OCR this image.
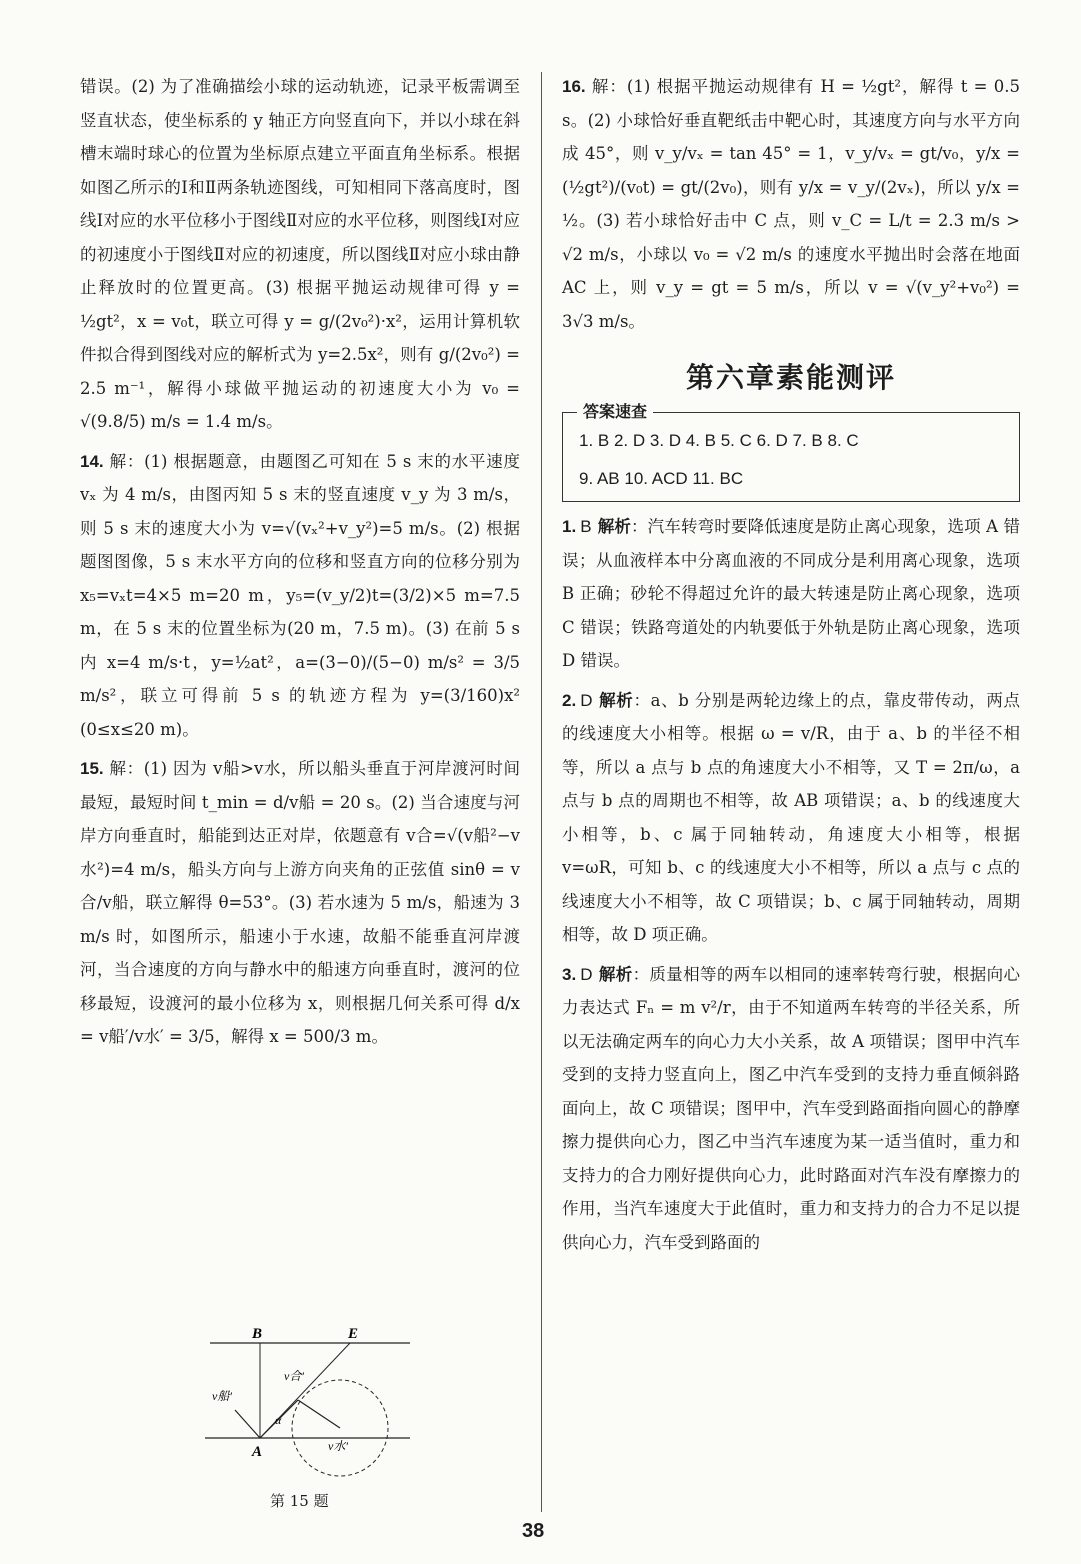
错误。(2) 为了准确描绘小球的运动轨迹，记录平板需调至竖直状态，使坐标系的 y 轴正方向竖直向下，并以小球在斜槽末端时球心的位置为坐标原点建立平面直角坐标系。根据如图乙所示的Ⅰ和Ⅱ两条轨迹图线，可知相同下落高度时，图线Ⅰ对应的水平位移小于图线Ⅱ对应的水平位移，则图线Ⅰ对应的初速度小于图线Ⅱ对应的初速度，所以图线Ⅱ对应小球由静止释放时的位置更高。(3) 根据平抛运动规律可得 y = ½gt²，x = v₀t，联立可得 y = g/(2v₀²)·x²，运用计算机软件拟合得到图线对应的解析式为 y=2.5x²，则有 g/(2v₀²) = 2.5 m⁻¹，解得小球做平抛运动的初速度大小为 v₀ = √(9.8/5) m/s = 1.4 m/s。

14. 解：(1) 根据题意，由题图乙可知在 5 s 末的水平速度 vₓ 为 4 m/s，由图丙知 5 s 末的竖直速度 v_y 为 3 m/s，则 5 s 末的速度大小为 v=√(vₓ²+v_y²)=5 m/s。(2) 根据题图图像，5 s 末水平方向的位移和竖直方向的位移分别为 x₅=vₓt=4×5 m=20 m，y₅=(v_y/2)t=(3/2)×5 m=7.5 m，在 5 s 末的位置坐标为(20 m，7.5 m)。(3) 在前 5 s 内 x=4 m/s·t，y=½at²，a=(3−0)/(5−0) m/s² = 3/5 m/s²，联立可得前 5 s 的轨迹方程为 y=(3/160)x² (0≤x≤20 m)。

15. 解：(1) 因为 v船>v水，所以船头垂直于河岸渡河时间最短，最短时间 t_min = d/v船 = 20 s。(2) 当合速度与河岸方向垂直时，船能到达正对岸，依题意有 v合=√(v船²−v水²)=4 m/s，船头方向与上游方向夹角的正弦值 sinθ = v合/v船，联立解得 θ=53°。(3) 若水速为 5 m/s，船速为 3 m/s 时，如图所示，船速小于水速，故船不能垂直河岸渡河，当合速度的方向与静水中的船速方向垂直时，渡河的位移最短，设渡河的最小位移为 x，则根据几何关系可得 d/x = v船′/v水′ = 3/5，解得 x = 500/3 m。

B	E
A
α
v船′
v合′
v水′
第 15 题

16. 解：(1) 根据平抛运动规律有 H = ½gt²，解得 t = 0.5 s。(2) 小球恰好垂直靶纸击中靶心时，其速度方向与水平方向成 45°，则 v_y/vₓ = tan 45° = 1，v_y/vₓ = gt/v₀，y/x = (½gt²)/(v₀t) = gt/(2v₀)，则有 y/x = v_y/(2vₓ)，所以 y/x = ½。(3) 若小球恰好击中 C 点，则 v_C = L/t = 2.3 m/s > √2 m/s，小球以 v₀ = √2 m/s 的速度水平抛出时会落在地面 AC 上，则 v_y = gt = 5 m/s，所以 v = √(v_y²+v₀²) = 3√3 m/s。

第六章素能测评
答案速查
1. B 2. D 3. D 4. B 5. C 6. D 7. B 8. C
9. AB 10. ACD 11. BC

1. B 解析：汽车转弯时要降低速度是防止离心现象，选项 A 错误；从血液样本中分离血液的不同成分是利用离心现象，选项 B 正确；砂轮不得超过允许的最大转速是防止离心现象，选项 C 错误；铁路弯道处的内轨要低于外轨是防止离心现象，选项 D 错误。

2. D 解析：a、b 分别是两轮边缘上的点，靠皮带传动，两点的线速度大小相等。根据 ω = v/R，由于 a、b 的半径不相等，所以 a 点与 b 点的角速度大小不相等，又 T = 2π/ω，a 点与 b 点的周期也不相等，故 AB 项错误；a、b 的线速度大小相等，b、c 属于同轴转动，角速度大小相等，根据 v=ωR，可知 b、c 的线速度大小不相等，所以 a 点与 c 点的线速度大小不相等，故 C 项错误；b、c 属于同轴转动，周期相等，故 D 项正确。

3. D 解析：质量相等的两车以相同的速率转弯行驶，根据向心力表达式 Fₙ = m v²/r，由于不知道两车转弯的半径关系，所以无法确定两车的向心力大小关系，故 A 项错误；图甲中汽车受到的支持力竖直向上，图乙中汽车受到的支持力垂直倾斜路面向上，故 C 项错误；图甲中，汽车受到路面指向圆心的静摩擦力提供向心力，图乙中当汽车速度为某一适当值时，重力和支持力的合力刚好提供向心力，此时路面对汽车没有摩擦力的作用，当汽车速度大于此值时，重力和支持力的合力不足以提供向心力，汽车受到路面的

38
